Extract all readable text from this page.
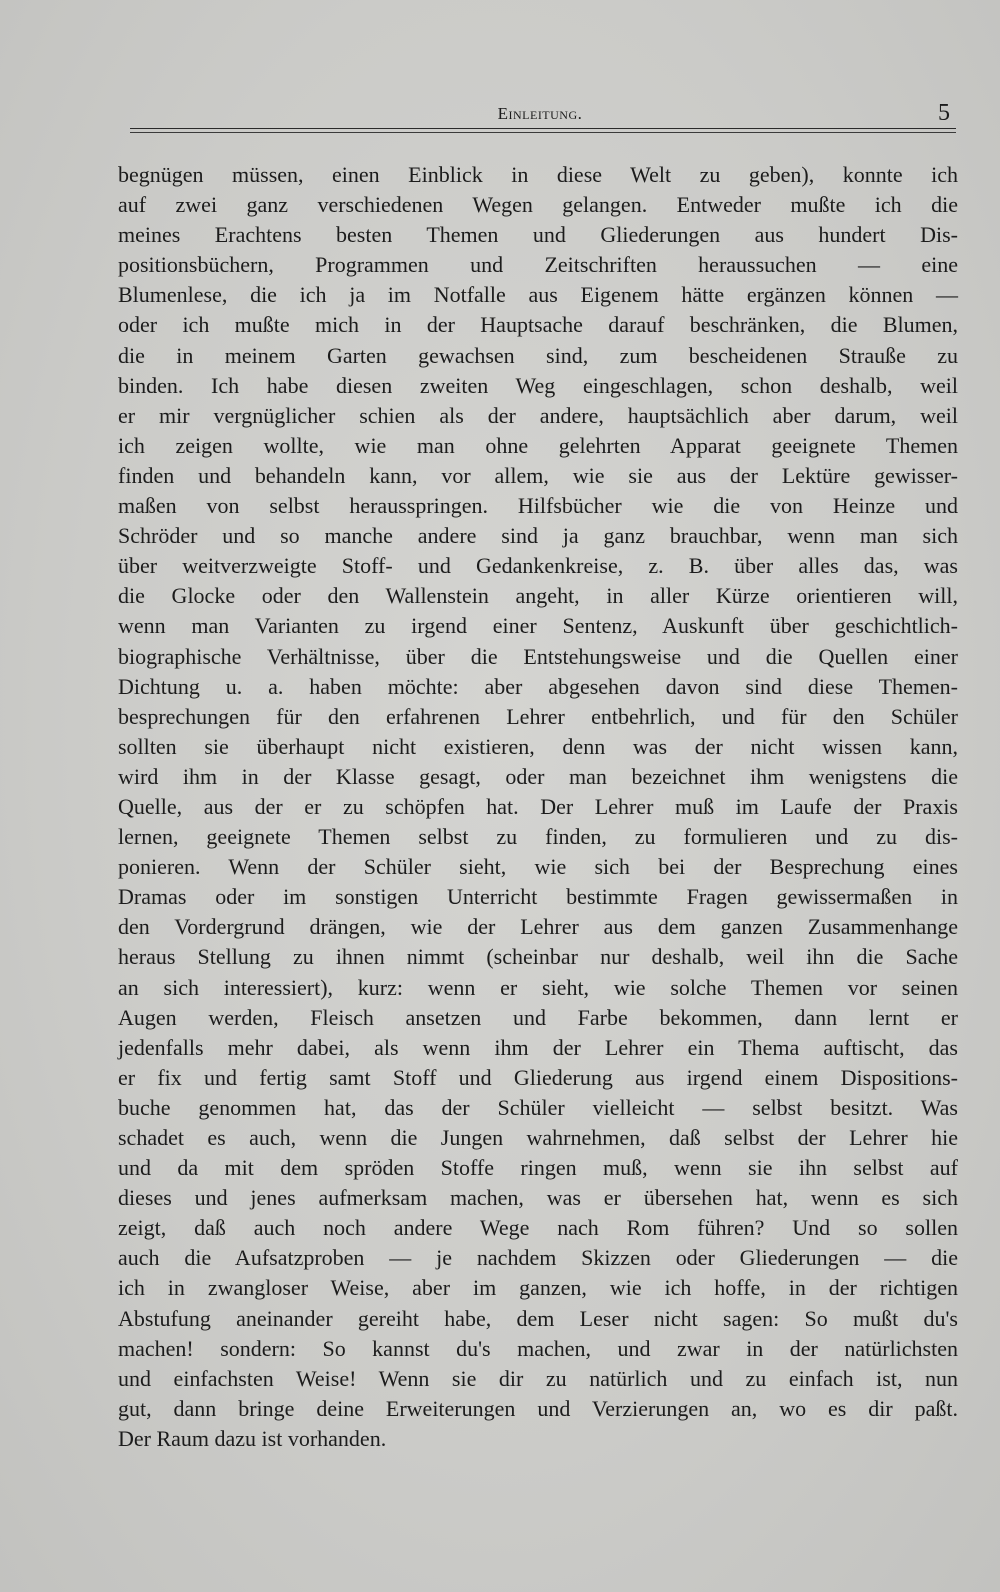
Einleitung.	5
begnügen müssen, einen Einblick in diese Welt zu geben), konnte ich
auf zwei ganz verschiedenen Wegen gelangen. Entweder mußte ich die
meines Erachtens besten Themen und Gliederungen aus hundert Dis-
positionsbüchern, Programmen und Zeitschriften heraussuchen — eine
Blumenlese, die ich ja im Notfalle aus Eigenem hätte ergänzen können —
oder ich mußte mich in der Hauptsache darauf beschränken, die Blumen,
die in meinem Garten gewachsen sind, zum bescheidenen Strauße zu
binden. Ich habe diesen zweiten Weg eingeschlagen, schon deshalb, weil
er mir vergnüglicher schien als der andere, hauptsächlich aber darum, weil
ich zeigen wollte, wie man ohne gelehrten Apparat geeignete Themen
finden und behandeln kann, vor allem, wie sie aus der Lektüre gewisser-
maßen von selbst herausspringen. Hilfsbücher wie die von Heinze und
Schröder und so manche andere sind ja ganz brauchbar, wenn man sich
über weitverzweigte Stoff- und Gedankenkreise, z. B. über alles das, was
die Glocke oder den Wallenstein angeht, in aller Kürze orientieren will,
wenn man Varianten zu irgend einer Sentenz, Auskunft über geschichtlich-
biographische Verhältnisse, über die Entstehungsweise und die Quellen einer
Dichtung u. a. haben möchte: aber abgesehen davon sind diese Themen-
besprechungen für den erfahrenen Lehrer entbehrlich, und für den Schüler
sollten sie überhaupt nicht existieren, denn was der nicht wissen kann,
wird ihm in der Klasse gesagt, oder man bezeichnet ihm wenigstens die
Quelle, aus der er zu schöpfen hat. Der Lehrer muß im Laufe der Praxis
lernen, geeignete Themen selbst zu finden, zu formulieren und zu dis-
ponieren. Wenn der Schüler sieht, wie sich bei der Besprechung eines
Dramas oder im sonstigen Unterricht bestimmte Fragen gewissermaßen in
den Vordergrund drängen, wie der Lehrer aus dem ganzen Zusammenhange
heraus Stellung zu ihnen nimmt (scheinbar nur deshalb, weil ihn die Sache
an sich interessiert), kurz: wenn er sieht, wie solche Themen vor seinen
Augen werden, Fleisch ansetzen und Farbe bekommen, dann lernt er
jedenfalls mehr dabei, als wenn ihm der Lehrer ein Thema auftischt, das
er fix und fertig samt Stoff und Gliederung aus irgend einem Dispositions-
buche genommen hat, das der Schüler vielleicht — selbst besitzt. Was
schadet es auch, wenn die Jungen wahrnehmen, daß selbst der Lehrer hie
und da mit dem spröden Stoffe ringen muß, wenn sie ihn selbst auf
dieses und jenes aufmerksam machen, was er übersehen hat, wenn es sich
zeigt, daß auch noch andere Wege nach Rom führen? Und so sollen
auch die Aufsatzproben — je nachdem Skizzen oder Gliederungen — die
ich in zwangloser Weise, aber im ganzen, wie ich hoffe, in der richtigen
Abstufung aneinander gereiht habe, dem Leser nicht sagen: So mußt du's
machen! sondern: So kannst du's machen, und zwar in der natürlichsten
und einfachsten Weise! Wenn sie dir zu natürlich und zu einfach ist, nun
gut, dann bringe deine Erweiterungen und Verzierungen an, wo es dir paßt.
Der Raum dazu ist vorhanden.
